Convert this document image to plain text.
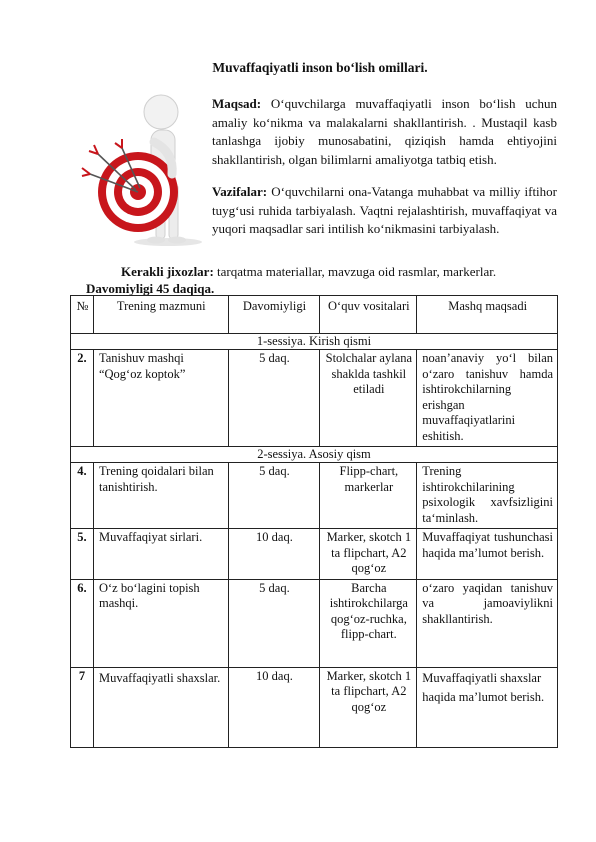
Muvaffaqiyatli inson bo‘lish omillari.
Maqsad: O‘quvchilarga muvaffaqiyatli inson bo‘lish uchun amaliy ko‘nikma va malakalarni shakllantirish. . Mustaqil kasb tanlashga ijobiy munosabatini, qiziqish hamda ehtiyojini shakllantirish, olgan bilimlarni amaliyotga tatbiq etish.
Vazifalar: O‘quvchilarni ona-Vatanga muhabbat va milliy iftihor tuyg‘usi ruhida tarbiyalash. Vaqtni rejalashtirish, muvaffaqiyat va yuqori maqsadlar sari intilish ko‘nikmasini tarbiyalash.
Kerakli jixozlar: tarqatma materiallar, mavzuga oid rasmlar, markerlar.
Davomiyligi 45 daqiqa.
№	Trening mazmuni	Davomiyligi	O‘quv vositalari	Mashq maqsadi
1-sessiya. Kirish qismi				
2.	Tanishuv mashqi “Qog‘oz koptok”	5 daq.	Stolchalar aylana shaklda tashkil etiladi	noan’anaviy yo‘l bilan o‘zaro tanishuv hamda ishtirokchilarning erishgan muvaffaqiyatlarini eshitish.
2-sessiya. Asosiy qism				
4.	Trening qoidalari bilan tanishtirish.	5 daq.	Flipp-chart, markerlar	Trening ishtirokchilarining psixologik xavfsizligini ta‘minlash.
5.	Muvaffaqiyat sirlari.	10 daq.	Marker, skotch 1 ta flipchart, A2 qog‘oz	Muvaffaqiyat tushunchasi haqida ma’lumot berish.
6.	O‘z bo‘lagini topish mashqi.	5 daq.	Barcha ishtirokchilarga qog‘oz-ruchka, flipp-chart.	o‘zaro yaqidan tanishuv va jamoaviylikni shakllantirish.
7	Muvaffaqiyatli shaxslar.	10 daq.	Marker, skotch 1 ta flipchart, A2 qog‘oz	Muvaffaqiyatli shaxslar haqida ma’lumot berish.
